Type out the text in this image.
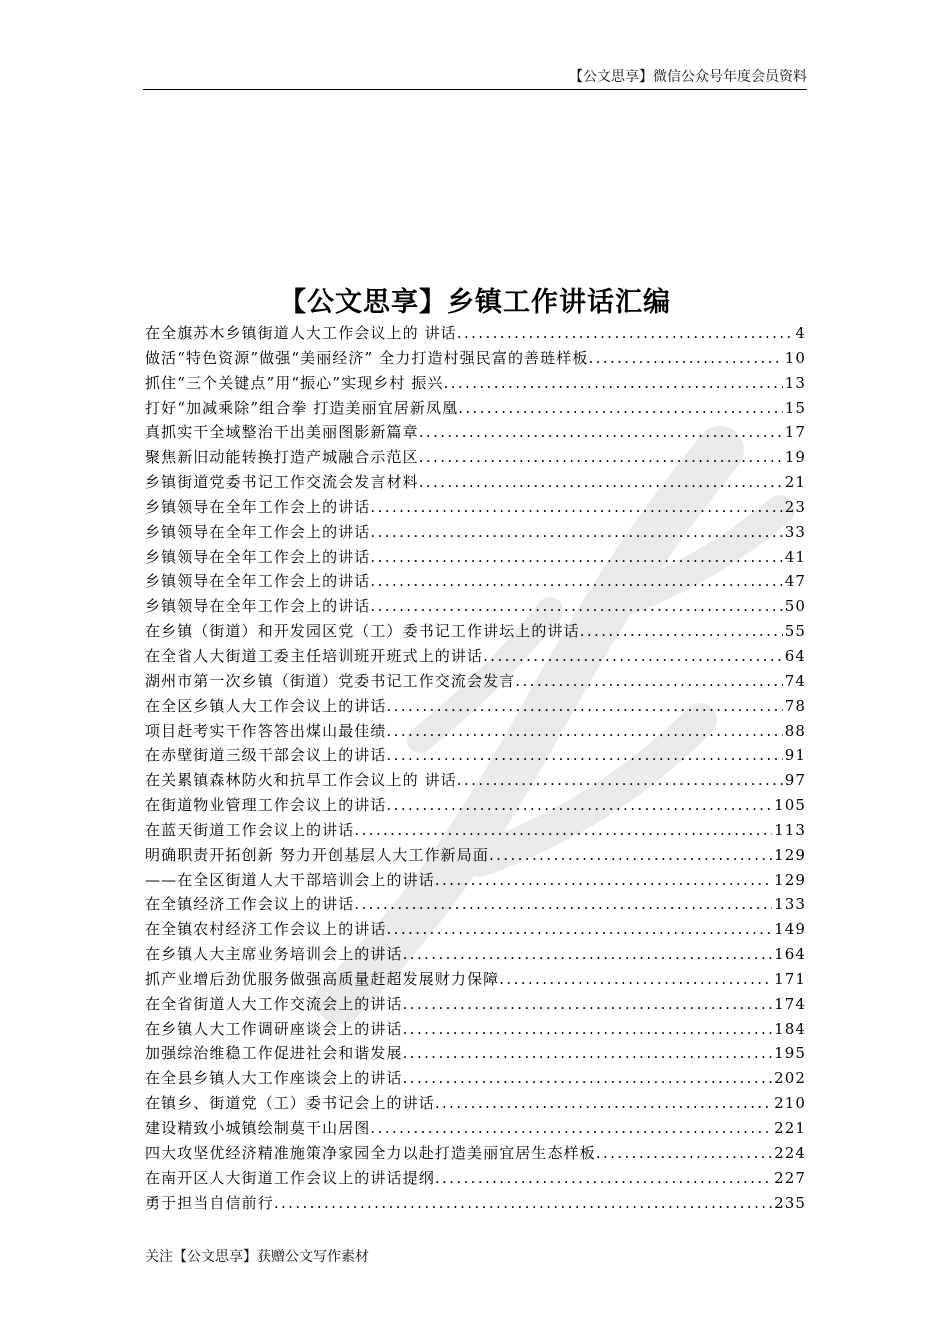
【公文思享】微信公众号年度会员资料
【公文思享】乡镇工作讲话汇编
在全旗苏木乡镇街道人大工作会议上的 讲话 .....	4
做活“特色资源”做强“美丽经济” 全力打造村强民富的善琏样板 .....	10
抓住“三个关键点”用“振心”实现乡村 振兴 .....	13
打好“加减乘除”组合拳 打造美丽宜居新凤凰 .....	15
真抓实干全域整治干出美丽图影新篇章 .....	17
聚焦新旧动能转换打造产城融合示范区 .....	19
乡镇街道党委书记工作交流会发言材料 .....	21
乡镇领导在全年工作会上的讲话 .....	23
乡镇领导在全年工作会上的讲话 .....	33
乡镇领导在全年工作会上的讲话 .....	41
乡镇领导在全年工作会上的讲话 .....	47
乡镇领导在全年工作会上的讲话 .....	50
在乡镇（街道）和开发园区党（工）委书记工作讲坛上的讲话 .....	55
在全省人大街道工委主任培训班开班式上的讲话 .....	64
湖州市第一次乡镇（街道）党委书记工作交流会发言 .....	74
在全区乡镇人大工作会议上的讲话 .....	78
项目赶考实干作答答出煤山最佳绩 .....	88
在赤壁街道三级干部会议上的讲话 .....	91
在关累镇森林防火和抗旱工作会议上的 讲话 .....	97
在街道物业管理工作会议上的讲话 .....	105
在蓝天街道工作会议上的讲话 .....	113
明确职责开拓创新 努力开创基层人大工作新局面 .....	129
——在全区街道人大干部培训会上的讲话 .....	129
在全镇经济工作会议上的讲话 .....	133
在全镇农村经济工作会议上的讲话 .....	149
在乡镇人大主席业务培训会上的讲话 .....	164
抓产业增后劲优服务做强高质量赶超发展财力保障 .....	171
在全省街道人大工作交流会上的讲话 .....	174
在乡镇人大工作调研座谈会上的讲话 .....	184
加强综治维稳工作促进社会和谐发展 .....	195
在全县乡镇人大工作座谈会上的讲话 .....	202
在镇乡、街道党（工）委书记会上的讲话 .....	210
建设精致小城镇绘制莫干山居图 .....	221
四大攻坚优经济精准施策净家园全力以赴打造美丽宜居生态样板 .....	224
在南开区人大街道工作会议上的讲话提纲 .....	227
勇于担当自信前行 .....	235
关注【公文思享】获赠公文写作素材
